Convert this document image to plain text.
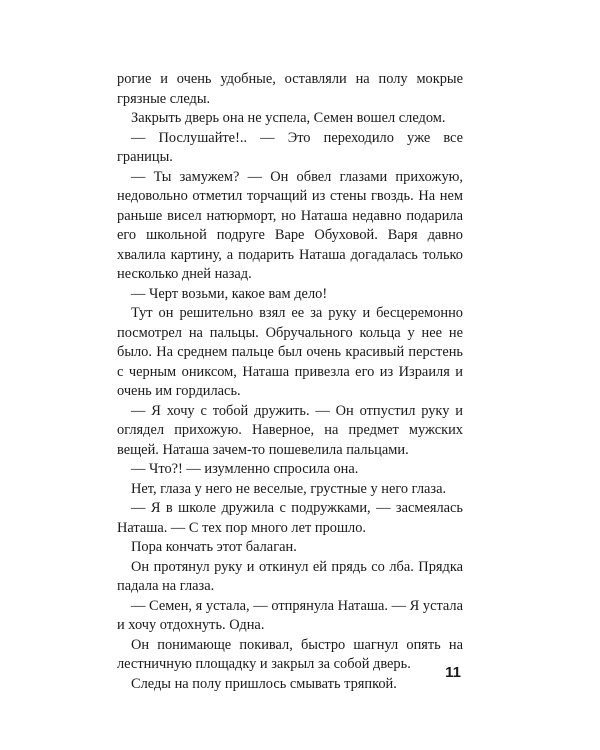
рогие и очень удобные, оставляли на полу мокрые грязные следы.

Закрыть дверь она не успела, Семен вошел следом.

— Послушайте!.. — Это переходило уже все границы.

— Ты замужем? — Он обвел глазами прихожую, недовольно отметил торчащий из стены гвоздь. На нем раньше висел натюрморт, но Наташа недавно подарила его школьной подруге Варе Обуховой. Варя давно хвалила картину, а подарить Наташа догадалась только несколько дней назад.

— Черт возьми, какое вам дело!

Тут он решительно взял ее за руку и бесцеремонно посмотрел на пальцы. Обручального кольца у нее не было. На среднем пальце был очень красивый перстень с черным ониксом, Наташа привезла его из Израиля и очень им гордилась.

— Я хочу с тобой дружить. — Он отпустил руку и оглядел прихожую. Наверное, на предмет мужских вещей. Наташа зачем-то пошевелила пальцами.

— Что?! — изумленно спросила она.

Нет, глаза у него не веселые, грустные у него глаза.

— Я в школе дружила с подружками, — засмеялась Наташа. — С тех пор много лет прошло.

Пора кончать этот балаган.

Он протянул руку и откинул ей прядь со лба. Прядка падала на глаза.

— Семен, я устала, — отпрянула Наташа. — Я устала и хочу отдохнуть. Одна.

Он понимающе покивал, быстро шагнул опять на лестничную площадку и закрыл за собой дверь.

Следы на полу пришлось смывать тряпкой.

11
